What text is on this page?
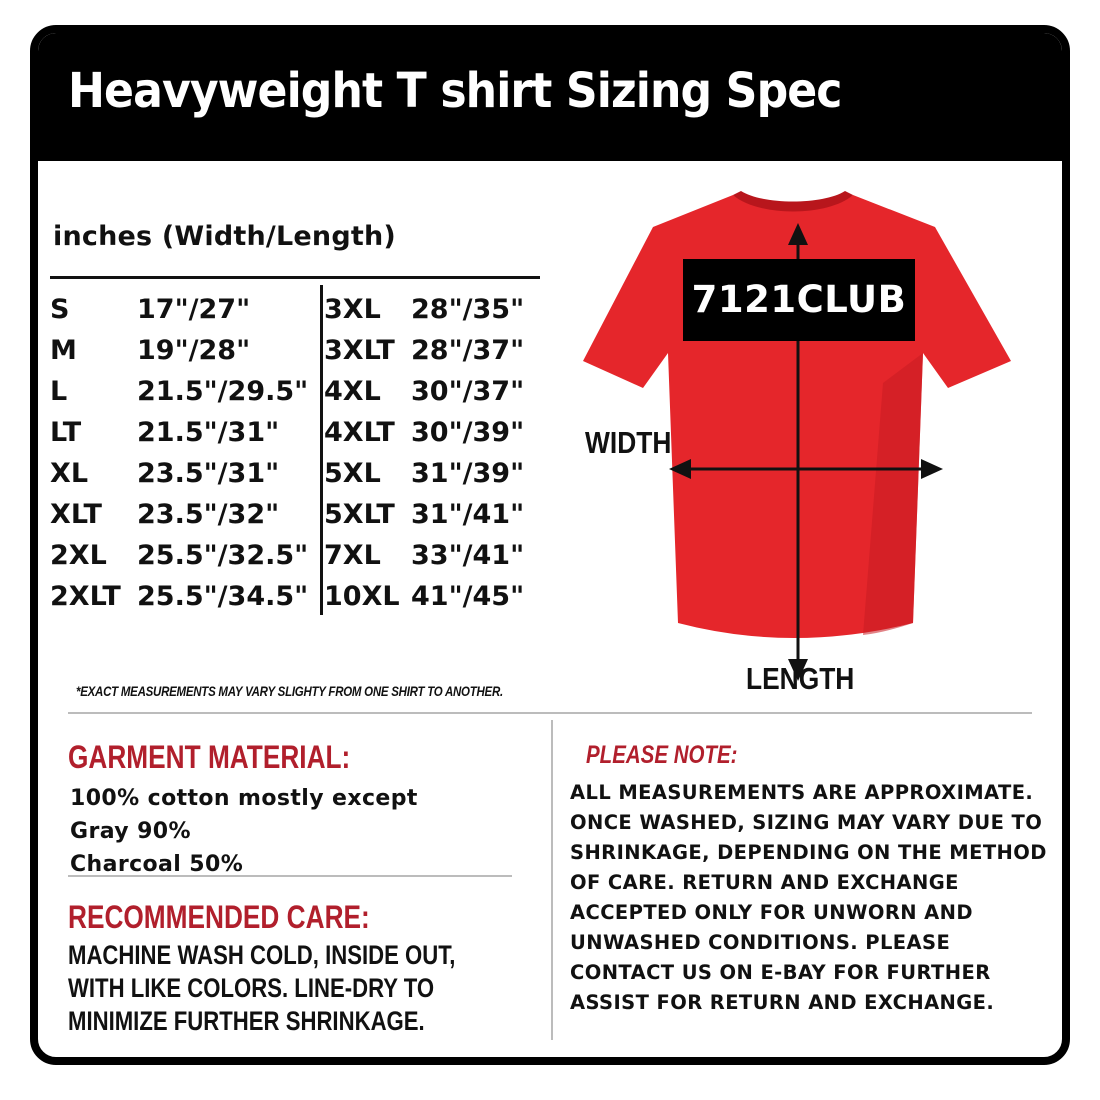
Heavyweight T shirt Sizing Spec
inches (Width/Length)
S	17"/27"
M 19"/28"
L	21.5"/29.5"
LT 21.5"/31"
XL 23.5"/31"
XLT 23.5"/32"
2XL 25.5"/32.5"
2XLT 25.5"/34.5"
3XL 28"/35"
3XLT 28"/37"
4XL 30"/37"
4XLT 30"/39"
5XL 31"/39"
5XLT 31"/41"
7XL 33"/41"
10XL 41"/45"
*EXACT MEASUREMENTS MAY VARY SLIGHTY FROM ONE SHIRT TO ANOTHER.
7121CLUB
WIDTH
LENGTH
GARMENT MATERIAL:
100% cotton mostly except
Gray 90%
Charcoal 50%
RECOMMENDED CARE:
MACHINE WASH COLD, INSIDE OUT, WITH LIKE COLORS. LINE-DRY TO MINIMIZE FURTHER SHRINKAGE.
PLEASE NOTE:
ALL MEASUREMENTS ARE APPROXIMATE. ONCE WASHED, SIZING MAY VARY DUE TO SHRINKAGE, DEPENDING ON THE METHOD OF CARE. RETURN AND EXCHANGE ACCEPTED ONLY FOR UNWORN AND UNWASHED CONDITIONS. PLEASE CONTACT US ON E-BAY FOR FURTHER ASSIST FOR RETURN AND EXCHANGE.
